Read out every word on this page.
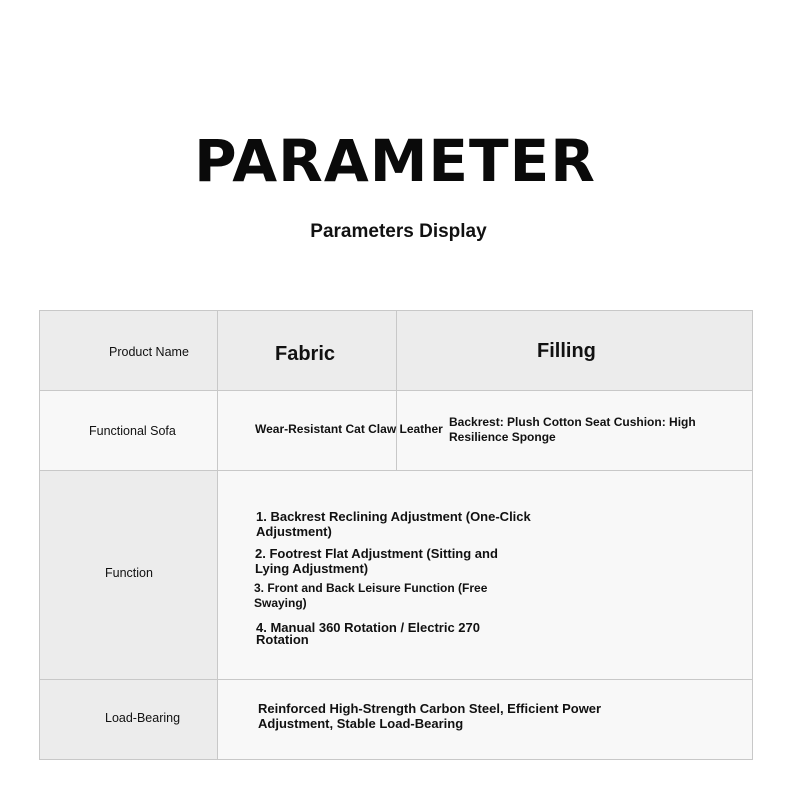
PARAMETER
Parameters Display
Product Name	Fabric	Filling
Functional Sofa
Backrest: Plush Cotton Seat Cushion: High Resilience Sponge
Wear-Resistant Cat Claw Leather
Function
1. Backrest Reclining Adjustment (One-Click Adjustment)
2. Footrest Flat Adjustment (Sitting and Lying Adjustment)
3. Front and Back Leisure Function (Free Swaying)
4. Manual 360 Rotation / Electric 270 Rotation
Load-Bearing
Reinforced High-Strength Carbon Steel, Efficient Power Adjustment, Stable Load-Bearing
